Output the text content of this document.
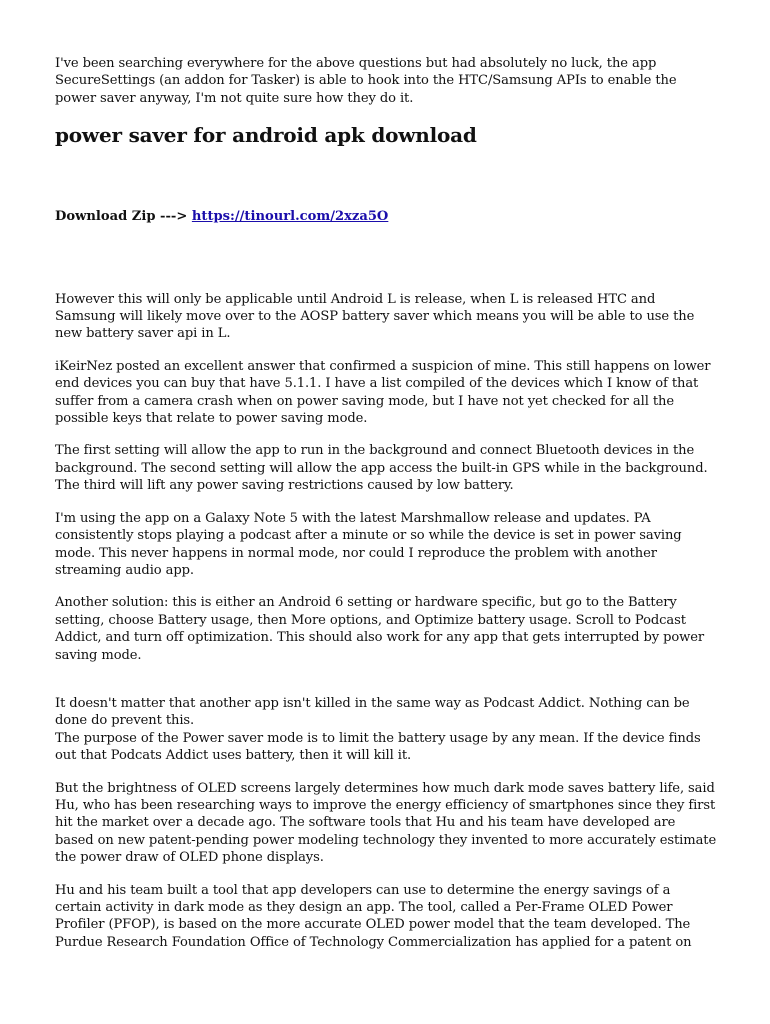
I've been searching everywhere for the above questions but had absolutely no luck, the app SecureSettings (an addon for Tasker) is able to hook into the HTC/Samsung APIs to enable the power saver anyway, I'm not quite sure how they do it.

power saver for android apk download
Download Zip ---> https://tinourl.com/2xza5O

However this will only be applicable until Android L is release, when L is released HTC and Samsung will likely move over to the AOSP battery saver which means you will be able to use the new battery saver api in L.

iKeirNez posted an excellent answer that confirmed a suspicion of mine. This still happens on lower end devices you can buy that have 5.1.1. I have a list compiled of the devices which I know of that suffer from a camera crash when on power saving mode, but I have not yet checked for all the possible keys that relate to power saving mode.

The first setting will allow the app to run in the background and connect Bluetooth devices in the background. The second setting will allow the app access the built-in GPS while in the background. The third will lift any power saving restrictions caused by low battery.

I'm using the app on a Galaxy Note 5 with the latest Marshmallow release and updates. PA consistently stops playing a podcast after a minute or so while the device is set in power saving mode. This never happens in normal mode, nor could I reproduce the problem with another streaming audio app.

Another solution: this is either an Android 6 setting or hardware specific, but go to the Battery setting, choose Battery usage, then More options, and Optimize battery usage. Scroll to Podcast Addict, and turn off optimization. This should also work for any app that gets interrupted by power saving mode.

It doesn't matter that another app isn't killed in the same way as Podcast Addict. Nothing can be done do prevent this.

The purpose of the Power saver mode is to limit the battery usage by any mean. If the device finds out that Podcats Addict uses battery, then it will kill it.

But the brightness of OLED screens largely determines how much dark mode saves battery life, said Hu, who has been researching ways to improve the energy efficiency of smartphones since they first hit the market over a decade ago. The software tools that Hu and his team have developed are based on new patent-pending power modeling technology they invented to more accurately estimate the power draw of OLED phone displays.

Hu and his team built a tool that app developers can use to determine the energy savings of a certain activity in dark mode as they design an app. The tool, called a Per-Frame OLED Power Profiler (PFOP), is based on the more accurate OLED power model that the team developed. The Purdue Research Foundation Office of Technology Commercialization has applied for a patent on
